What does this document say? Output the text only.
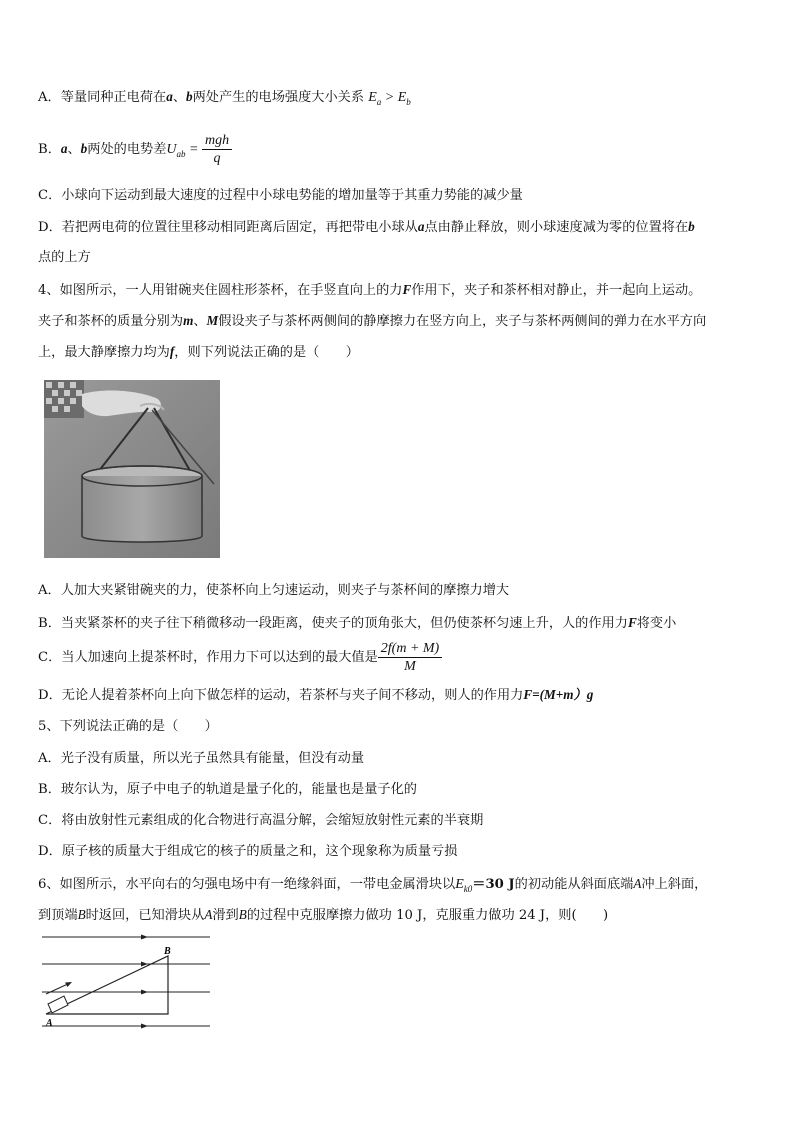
A．等量同种正电荷在a、b两处产生的电场强度大小关系 $E_a > E_b$
B．a、b两处的电势差$U_{ab} = \frac{\text{mgh}}{q}$
C．小球向下运动到最大速度的过程中小球电势能的增加量等于其重力势能的减少量
D．若把两电荷的位置往里移动相同距离后固定，再把带电小球从a点由静止释放，则小球速度减为零的位置将在b
点的上方
4、如图所示，一人用钳碗夹住圆柱形茶杯，在手竖直向上的力F作用下，夹子和茶杯相对静止，并一起向上运动。
夹子和茶杯的质量分别为m、M假设夹子与茶杯两侧间的静摩擦力在竖方向上，夹子与茶杯两侧间的弹力在水平方向
上，最大静摩擦力均为f，则下列说法正确的是（　　）
A．人加大夹紧钳碗夹的力，使茶杯向上匀速运动，则夹子与茶杯间的摩擦力增大
B．当夹紧茶杯的夹子往下稍微移动一段距离，使夹子的顶角张大，但仍使茶杯匀速上升，人的作用力F将变小
C．当人加速向上提茶杯时，作用力下可以达到的最大值是 $\frac{2f(m + M)}{M}$
D．无论人提着茶杯向上向下做怎样的运动，若茶杯与夹子间不移动，则人的作用力F=(M+m）g
5、下列说法正确的是（　　）
A．光子没有质量，所以光子虽然具有能量，但没有动量
B．玻尔认为，原子中电子的轨道是量子化的，能量也是量子化的
C．将由放射性元素组成的化合物进行高温分解，会缩短放射性元素的半衰期
D．原子核的质量大于组成它的核子的质量之和，这个现象称为质量亏损
6、如图所示，水平向右的匀强电场中有一绝缘斜面，一带电金属滑块以$E_{k0}=30$ J的初动能从斜面底端A冲上斜面，
到顶端B时返回，已知滑块从A滑到B的过程中克服摩擦力做功 10 J，克服重力做功 24 J，则(　　)
A
B
